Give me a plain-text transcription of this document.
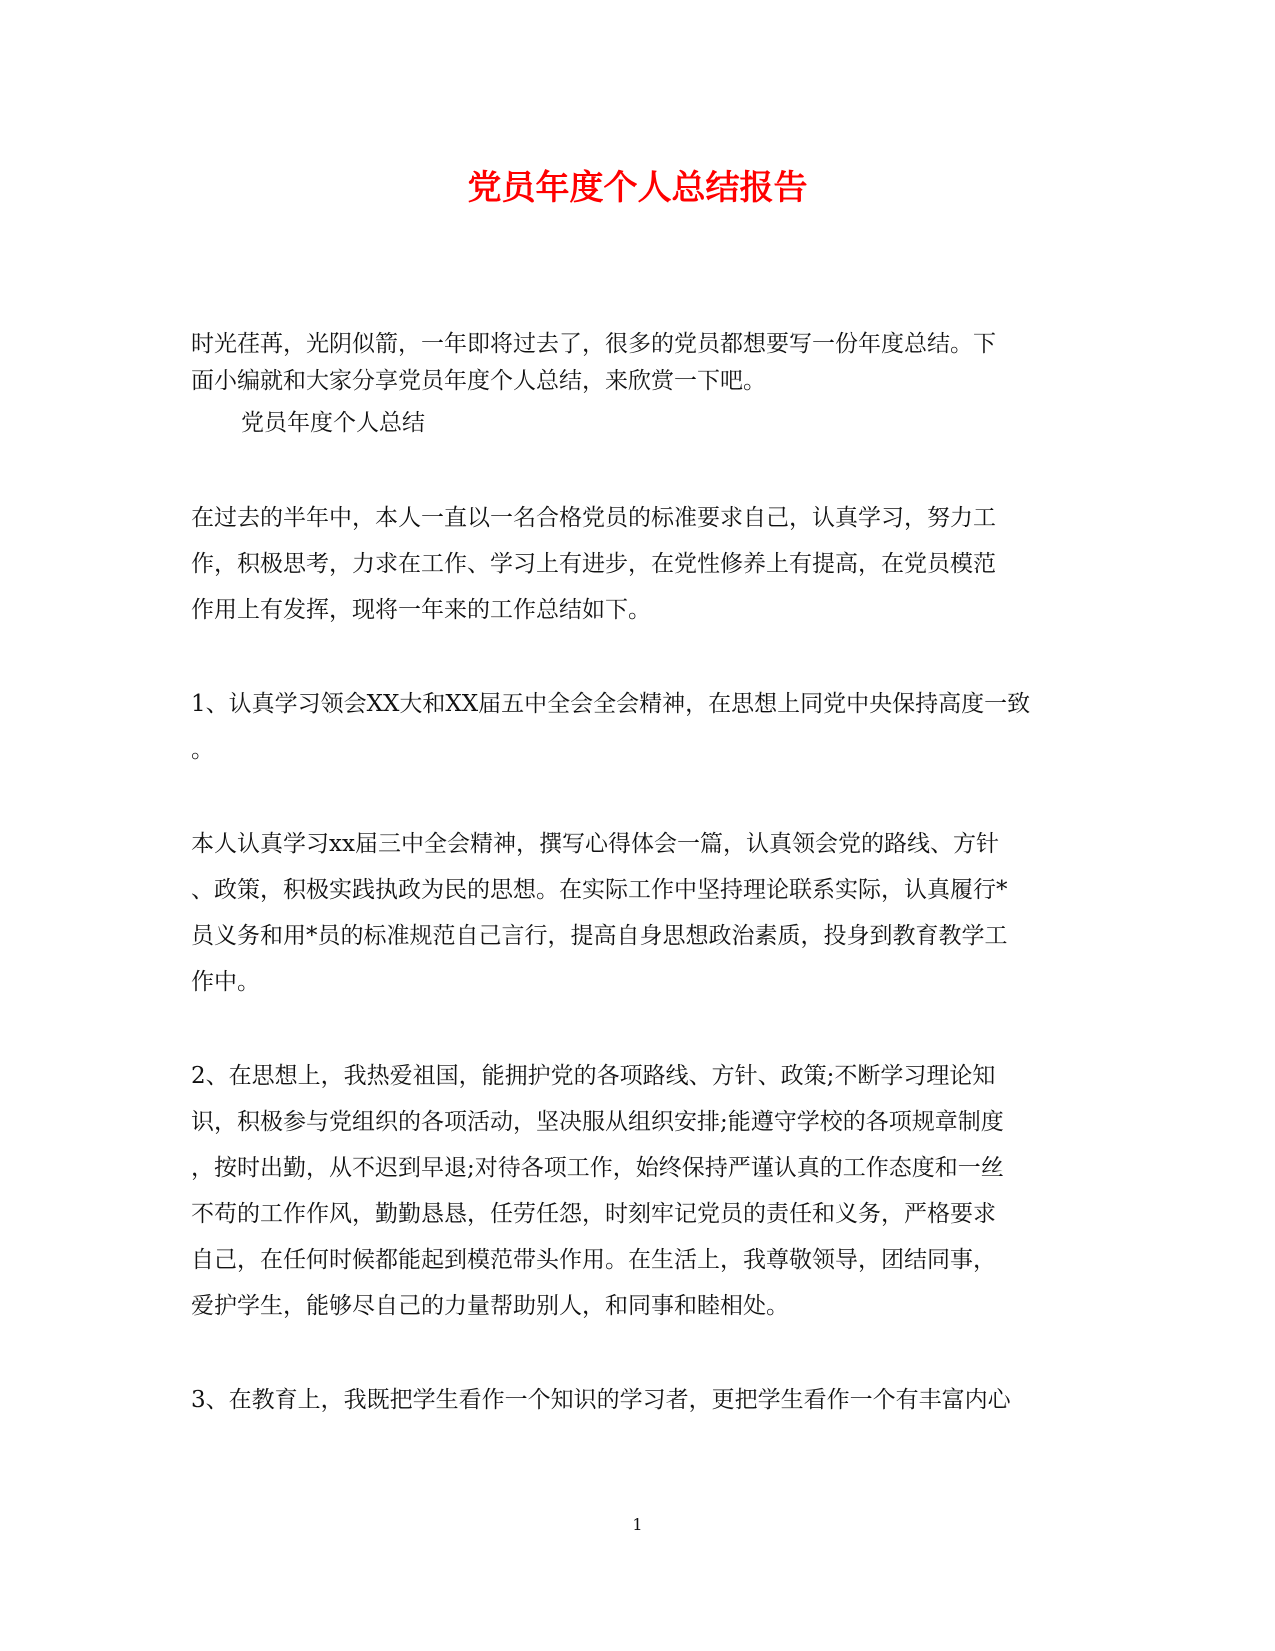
党员年度个人总结报告

时光荏苒，光阴似箭，一年即将过去了，很多的党员都想要写一份年度总结。下

面小编就和大家分享党员年度个人总结，来欣赏一下吧。

党员年度个人总结

在过去的半年中，本人一直以一名合格党员的标准要求自己，认真学习，努力工

作，积极思考，力求在工作、学习上有进步，在党性修养上有提高，在党员模范

作用上有发挥，现将一年来的工作总结如下。

1、认真学习领会XX大和XX届五中全会全会精神，在思想上同党中央保持高度一致

。

本人认真学习xx届三中全会精神，撰写心得体会一篇，认真领会党的路线、方针

、政策，积极实践执政为民的思想。在实际工作中坚持理论联系实际，认真履行*

员义务和用*员的标准规范自己言行，提高自身思想政治素质，投身到教育教学工

作中。

2、在思想上，我热爱祖国，能拥护党的各项路线、方针、政策;不断学习理论知

识，积极参与党组织的各项活动，坚决服从组织安排;能遵守学校的各项规章制度

，按时出勤，从不迟到早退;对待各项工作，始终保持严谨认真的工作态度和一丝

不苟的工作作风，勤勤恳恳，任劳任怨，时刻牢记党员的责任和义务，严格要求

自己，在任何时候都能起到模范带头作用。在生活上，我尊敬领导，团结同事，

爱护学生，能够尽自己的力量帮助别人，和同事和睦相处。

3、在教育上，我既把学生看作一个知识的学习者，更把学生看作一个有丰富内心

1
